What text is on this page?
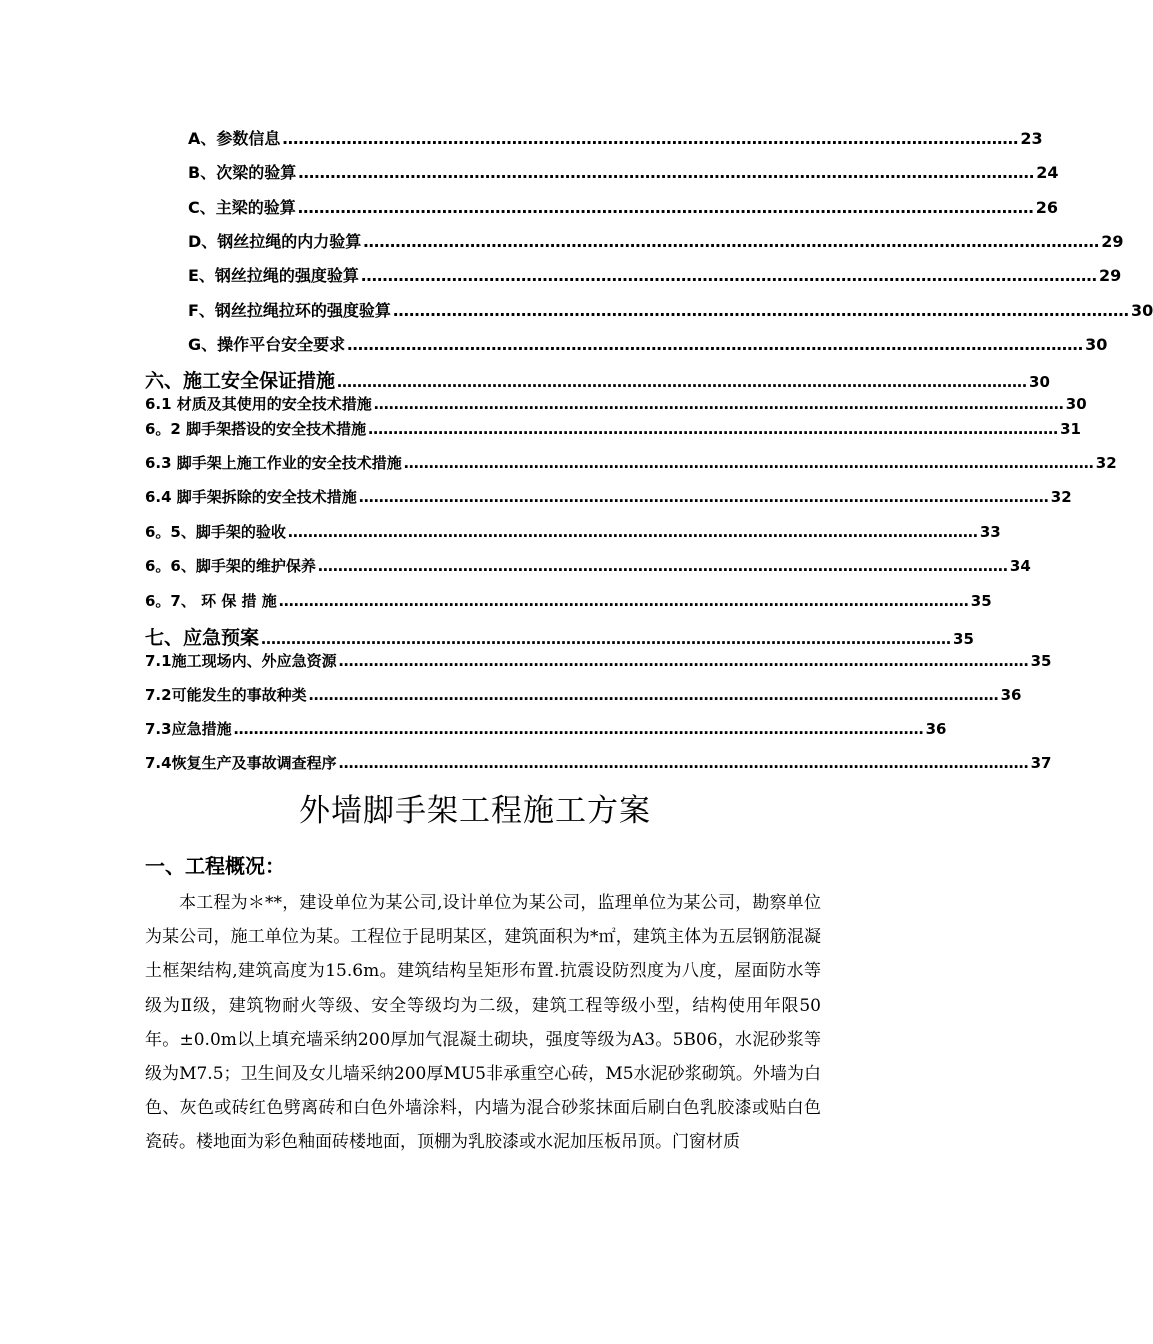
A、参数信息 ………………………………………………………………………………………………………………………… 23
B、次梁的验算 ………………………………………………………………………………………………………………………… 24
C、主梁的验算 ………………………………………………………………………………………………………………………… 26
D、钢丝拉绳的内力验算 ………………………………………………………………………………………………………………………… 29
E、钢丝拉绳的强度验算 ………………………………………………………………………………………………………………………… 29
F、钢丝拉绳拉环的强度验算 ………………………………………………………………………………………………………………………… 30
G、操作平台安全要求 ………………………………………………………………………………………………………………………… 30
六、施工安全保证措施 ………………………………………………………………………………………………………………………… 30
6.1 材质及其使用的安全技术措施 ………………………………………………………………………………………………………………………… 30
6。2 脚手架搭设的安全技术措施 ………………………………………………………………………………………………………………………… 31
6.3 脚手架上施工作业的安全技术措施 ………………………………………………………………………………………………………………………… 32
6.4 脚手架拆除的安全技术措施 ………………………………………………………………………………………………………………………… 32
6。5、脚手架的验收 ………………………………………………………………………………………………………………………… 33
6。6、脚手架的维护保养 ………………………………………………………………………………………………………………………… 34
6。7、 环 保 措 施 ………………………………………………………………………………………………………………………… 35
七、应急预案 ………………………………………………………………………………………………………………………… 35
7.1施工现场内、外应急资源 ………………………………………………………………………………………………………………………… 35
7.2可能发生的事故种类 ………………………………………………………………………………………………………………………… 36
7.3应急措施 ………………………………………………………………………………………………………………………… 36
7.4恢复生产及事故调查程序 ………………………………………………………………………………………………………………………… 37
外墙脚手架工程施工方案
一、工程概况：
本工程为＊**，建设单位为某公司,设计单位为某公司，监理单位为某公司，勘察单位为某公司，施工单位为某。工程位于昆明某区，建筑面积为*㎡，建筑主体为五层钢筋混凝土框架结构,建筑高度为15.6m。建筑结构呈矩形布置.抗震设防烈度为八度，屋面防水等级为Ⅱ级，建筑物耐火等级、安全等级均为二级，建筑工程等级小型，结构使用年限50年。±0.0m以上填充墙采纳200厚加气混凝土砌块，强度等级为A3。5B06，水泥砂浆等级为M7.5；卫生间及女儿墙采纳200厚MU5非承重空心砖，M5水泥砂浆砌筑。外墙为白色、灰色或砖红色劈离砖和白色外墙涂料，内墙为混合砂浆抹面后刷白色乳胶漆或贴白色瓷砖。楼地面为彩色釉面砖楼地面，顶棚为乳胶漆或水泥加压板吊顶。门窗材质
